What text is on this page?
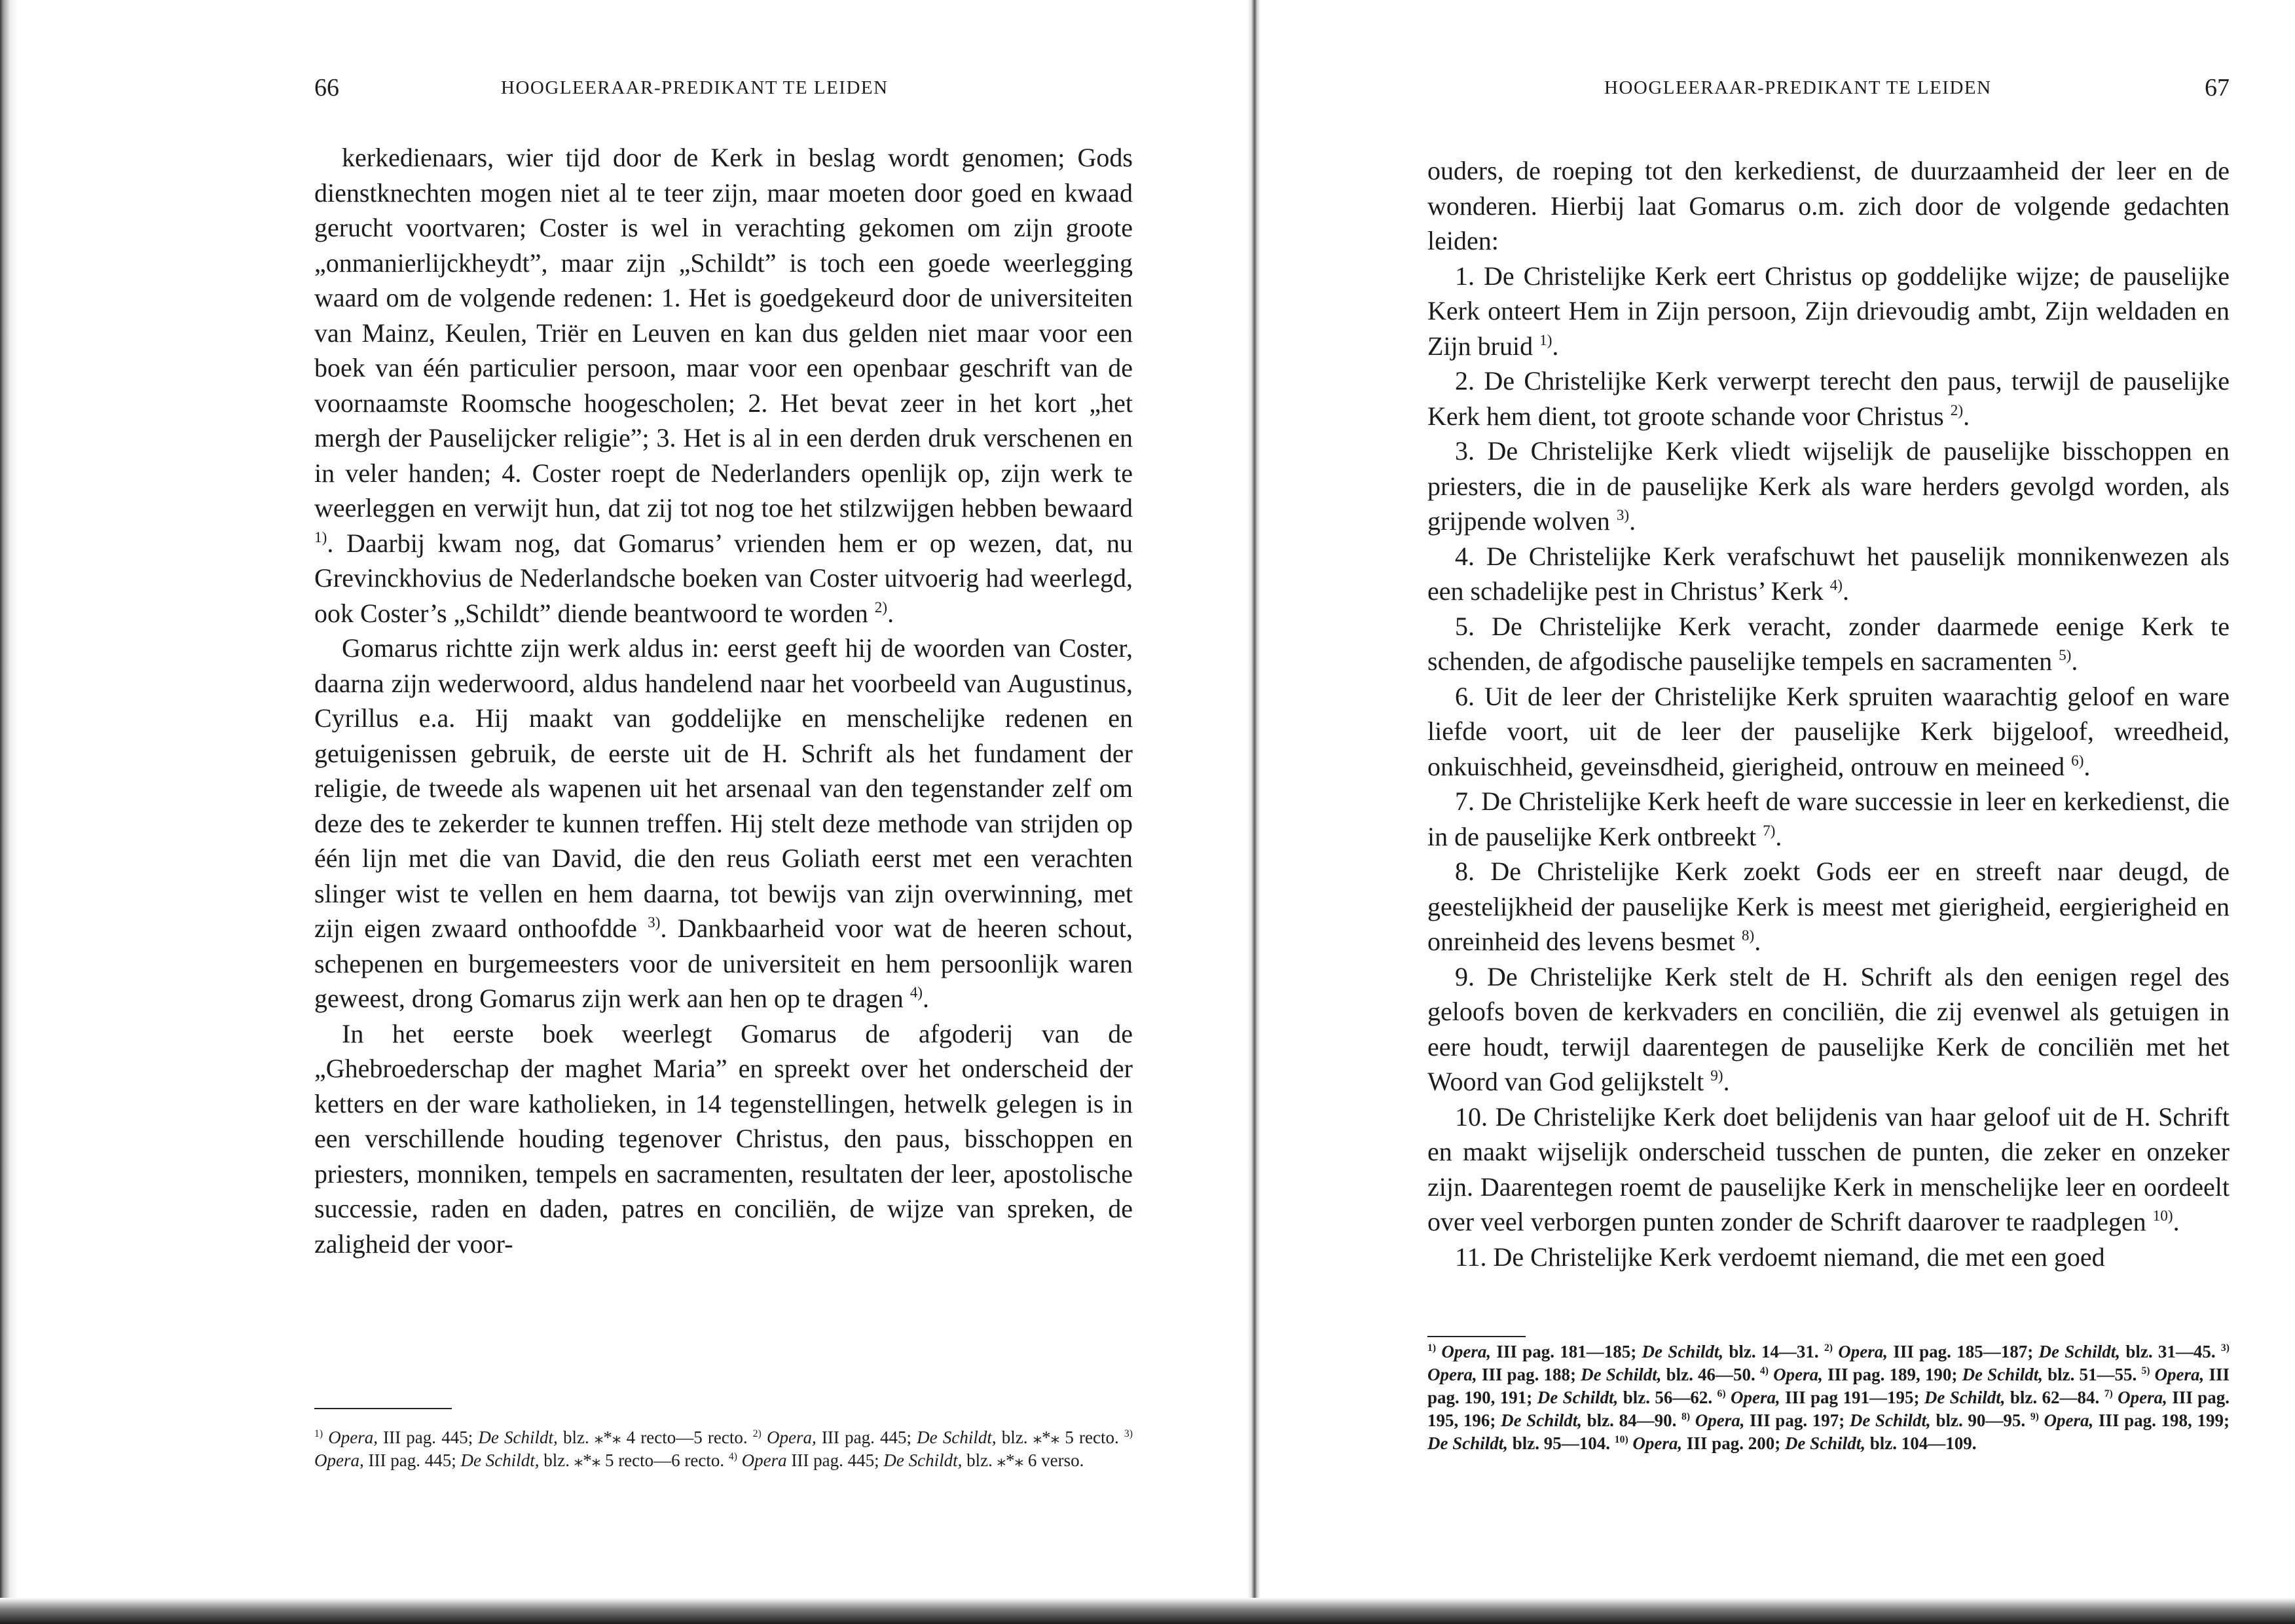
66	HOOGLEERAAR-PREDIKANT TE LEIDEN

kerkedienaars, wier tijd door de Kerk in beslag wordt genomen; Gods dienstknechten mogen niet al te teer zijn, maar moeten door goed en kwaad gerucht voortvaren; Coster is wel in verachting gekomen om zijn groote „onmanierlijckheydt”, maar zijn „Schildt” is toch een goede weerlegging waard om de volgende redenen: 1. Het is goedgekeurd door de universiteiten van Mainz, Keulen, Triër en Leuven en kan dus gelden niet maar voor een boek van één particulier persoon, maar voor een openbaar geschrift van de voornaamste Roomsche hoogescholen; 2. Het bevat zeer in het kort „het mergh der Pauselijcker religie”; 3. Het is al in een derden druk verschenen en in veler handen; 4. Coster roept de Nederlanders openlijk op, zijn werk te weerleggen en verwijt hun, dat zij tot nog toe het stilzwijgen hebben bewaard $^{1)}$. Daarbij kwam nog, dat Gomarus’ vrienden hem er op wezen, dat, nu Grevinckhovius de Nederlandsche boeken van Coster uitvoerig had weerlegd, ook Coster’s „Schildt” diende beantwoord te worden $^{2)}$.

Gomarus richtte zijn werk aldus in: eerst geeft hij de woorden van Coster, daarna zijn wederwoord, aldus handelend naar het voorbeeld van Augustinus, Cyrillus e.a. Hij maakt van goddelijke en menschelijke redenen en getuigenissen gebruik, de eerste uit de H. Schrift als het fundament der religie, de tweede als wapenen uit het arsenaal van den tegenstander zelf om deze des te zekerder te kunnen treffen. Hij stelt deze methode van strijden op één lijn met die van David, die den reus Goliath eerst met een verachten slinger wist te vellen en hem daarna, tot bewijs van zijn overwinning, met zijn eigen zwaard onthoofdde $^{3)}$. Dankbaarheid voor wat de heeren schout, schepenen en burgemeesters voor de universiteit en hem persoonlijk waren geweest, drong Gomarus zijn werk aan hen op te dragen $^{4)}$.

In het eerste boek weerlegt Gomarus de afgoderij van de „Ghebroederschap der maghet Maria” en spreekt over het onderscheid der ketters en der ware katholieken, in 14 tegenstellingen, hetwelk gelegen is in een verschillende houding tegenover Christus, den paus, bisschoppen en priesters, monniken, tempels en sacramenten, resultaten der leer, apostolische successie, raden en daden, patres en conciliën, de wijze van spreken, de zaligheid der voor-

$^{1)}$ Opera, III pag. 445; De Schildt, blz. ⁎*⁎ 4 recto—5 recto. $^{2)}$ Opera, III pag. 445; De Schildt, blz. ⁎*⁎ 5 recto. $^{3)}$ Opera, III pag. 445; De Schildt, blz. ⁎*⁎ 5 recto—6 recto. $^{4)}$ Opera III pag. 445; De Schildt, blz. ⁎*⁎ 6 verso.

HOOGLEERAAR-PREDIKANT TE LEIDEN	67

ouders, de roeping tot den kerkedienst, de duurzaamheid der leer en de wonderen. Hierbij laat Gomarus o.m. zich door de volgende gedachten leiden:

1. De Christelijke Kerk eert Christus op goddelijke wijze; de pauselijke Kerk onteert Hem in Zijn persoon, Zijn drievoudig ambt, Zijn weldaden en Zijn bruid $^{1)}$.

2. De Christelijke Kerk verwerpt terecht den paus, terwijl de pauselijke Kerk hem dient, tot groote schande voor Christus $^{2)}$.

3. De Christelijke Kerk vliedt wijselijk de pauselijke bisschoppen en priesters, die in de pauselijke Kerk als ware herders gevolgd worden, als grijpende wolven $^{3)}$.

4. De Christelijke Kerk verafschuwt het pauselijk monnikenwezen als een schadelijke pest in Christus’ Kerk $^{4)}$.

5. De Christelijke Kerk veracht, zonder daarmede eenige Kerk te schenden, de afgodische pauselijke tempels en sacramenten $^{5)}$.

6. Uit de leer der Christelijke Kerk spruiten waarachtig geloof en ware liefde voort, uit de leer der pauselijke Kerk bijgeloof, wreedheid, onkuischheid, geveinsdheid, gierigheid, ontrouw en meineed $^{6)}$.

7. De Christelijke Kerk heeft de ware successie in leer en kerkedienst, die in de pauselijke Kerk ontbreekt $^{7)}$.

8. De Christelijke Kerk zoekt Gods eer en streeft naar deugd, de geestelijkheid der pauselijke Kerk is meest met gierigheid, eergierigheid en onreinheid des levens besmet $^{8)}$.

9. De Christelijke Kerk stelt de H. Schrift als den eenigen regel des geloofs boven de kerkvaders en conciliën, die zij evenwel als getuigen in eere houdt, terwijl daarentegen de pauselijke Kerk de conciliën met het Woord van God gelijkstelt $^{9)}$.

10. De Christelijke Kerk doet belijdenis van haar geloof uit de H. Schrift en maakt wijselijk onderscheid tusschen de punten, die zeker en onzeker zijn. Daarentegen roemt de pauselijke Kerk in menschelijke leer en oordeelt over veel verborgen punten zonder de Schrift daarover te raadplegen $^{10)}$.

11. De Christelijke Kerk verdoemt niemand, die met een goed

$^{1)}$ Opera, III pag. 181—185; De Schildt, blz. 14—31. $^{2)}$ Opera, III pag. 185—187; De Schildt, blz. 31—45. $^{3)}$ Opera, III pag. 188; De Schildt, blz. 46—50. $^{4)}$ Opera, III pag. 189, 190; De Schildt, blz. 51—55. $^{5)}$ Opera, III pag. 190, 191; De Schildt, blz. 56—62. $^{6)}$ Opera, III pag 191—195; De Schildt, blz. 62—84. $^{7)}$ Opera, III pag. 195, 196; De Schildt, blz. 84—90. $^{8)}$ Opera, III pag. 197; De Schildt, blz. 90—95. $^{9)}$ Opera, III pag. 198, 199; De Schildt, blz. 95—104. $^{10)}$ Opera, III pag. 200; De Schildt, blz. 104—109.
